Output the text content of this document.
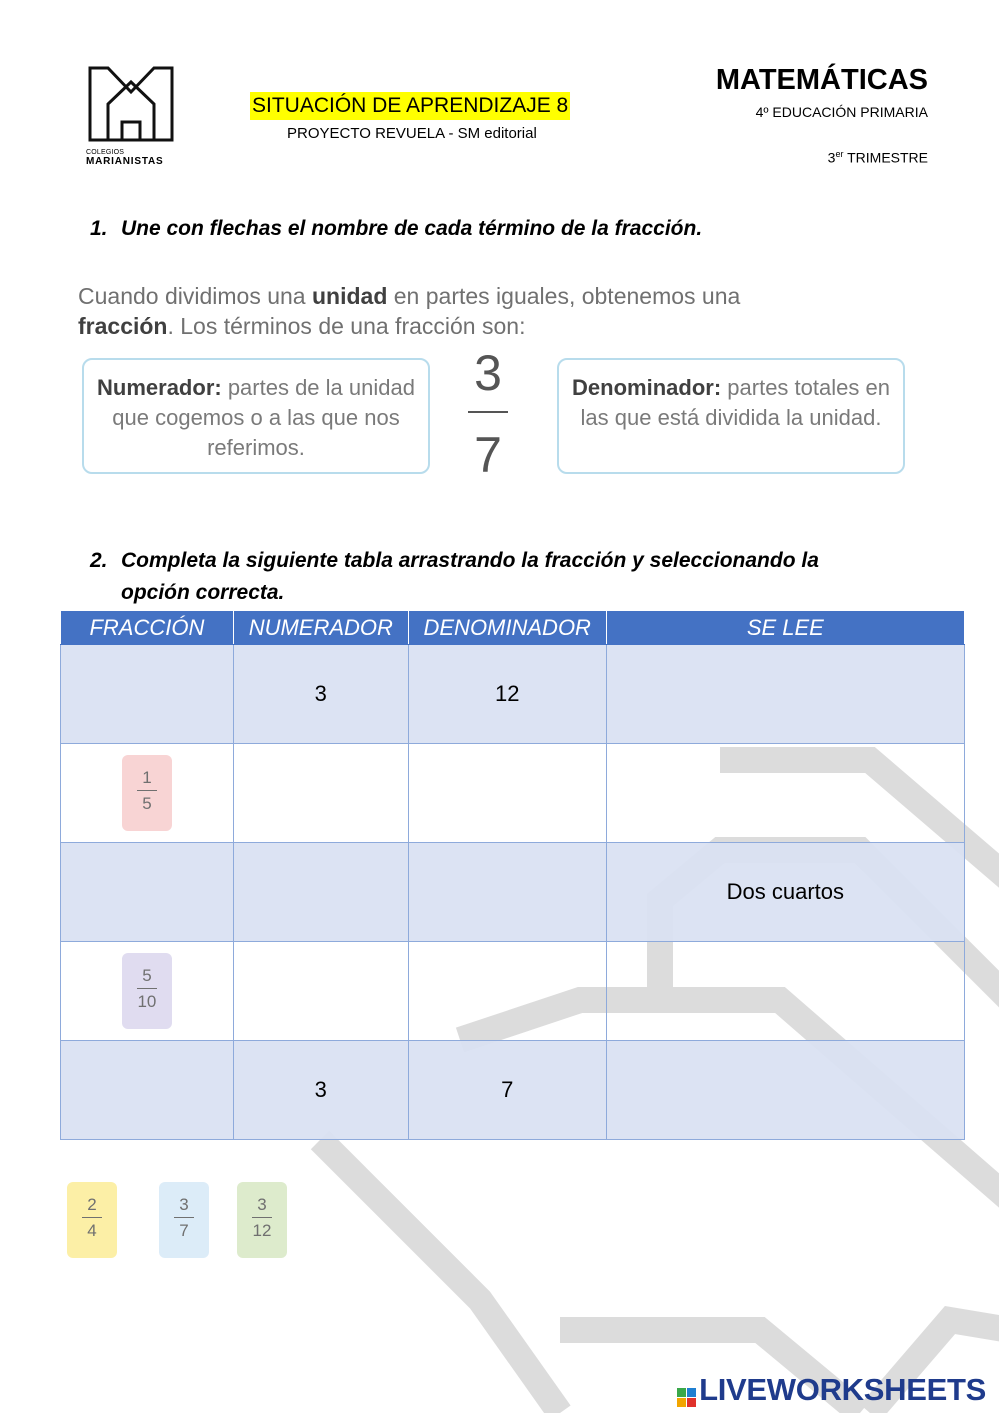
COLEGIOS
MARIANISTAS
SITUACIÓN DE APRENDIZAJE 8
PROYECTO REVUELA - SM editorial
MATEMÁTICAS
4º EDUCACIÓN PRIMARIA
3er TRIMESTRE
1. Une con flechas el nombre de cada término de la fracción.
Cuando dividimos una unidad en partes iguales, obtenemos una
fracción. Los términos de una fracción son:
Numerador: partes de la unidad que cogemos o a las que nos referimos.
3
7
Denominador: partes totales en las que está dividida la unidad.
2. Completa la siguiente tabla arrastrando la fracción y seleccionando la
opción correcta.
FRACCIÓN	NUMERADOR	DENOMINADOR	SE LEE
	3	12	
$\frac{1}{5}$			
			Dos cuartos
$\frac{5}{10}$			
	3	7	
$\frac{2}{4} \frac{3}{7} \frac{3}{12}$
LIVEWORKSHEETS
